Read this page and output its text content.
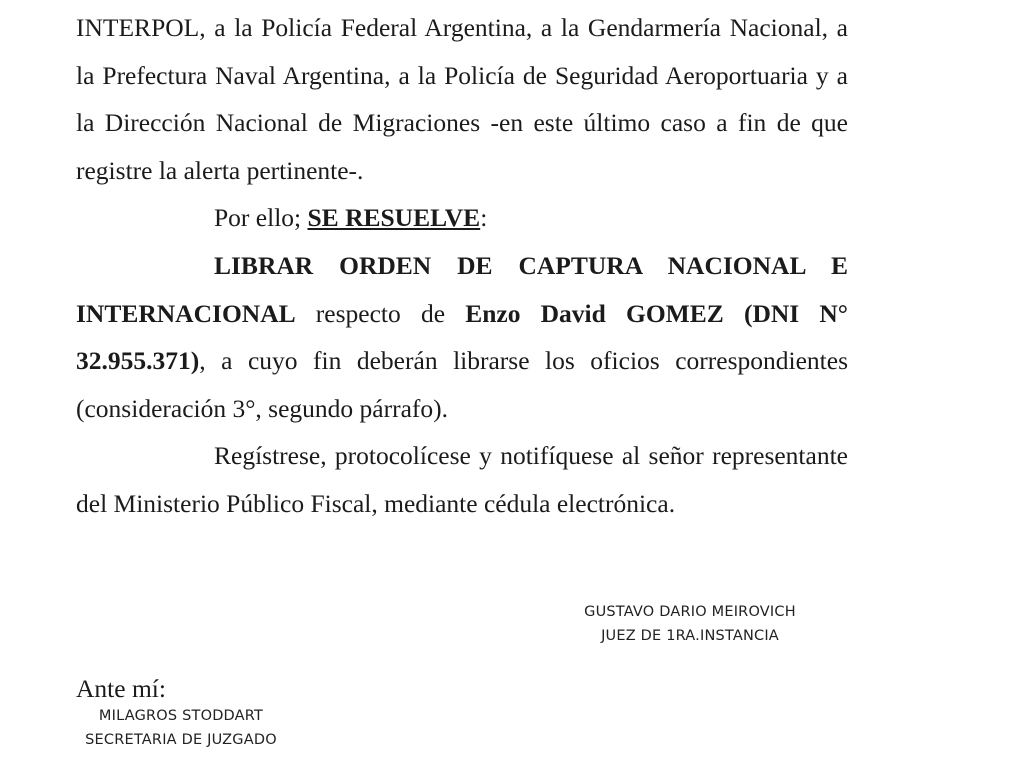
INTERPOL, a la Policía Federal Argentina, a la Gendarmería Nacional, a la Prefectura Naval Argentina, a la Policía de Seguridad Aeroportuaria y a la Dirección Nacional de Migraciones -en este último caso a fin de que registre la alerta pertinente-.

Por ello; SE RESUELVE:

LIBRAR ORDEN DE CAPTURA NACIONAL E INTERNACIONAL respecto de Enzo David GOMEZ (DNI N° 32.955.371), a cuyo fin deberán librarse los oficios correspondientes (consideración 3°, segundo párrafo).

Regístrese, protocolícese y notifíquese al señor representante del Ministerio Público Fiscal, mediante cédula electrónica.

GUSTAVO DARIO MEIROVICH
JUEZ DE 1RA.INSTANCIA
Ante mí:
MILAGROS STODDART
SECRETARIA DE JUZGADO
